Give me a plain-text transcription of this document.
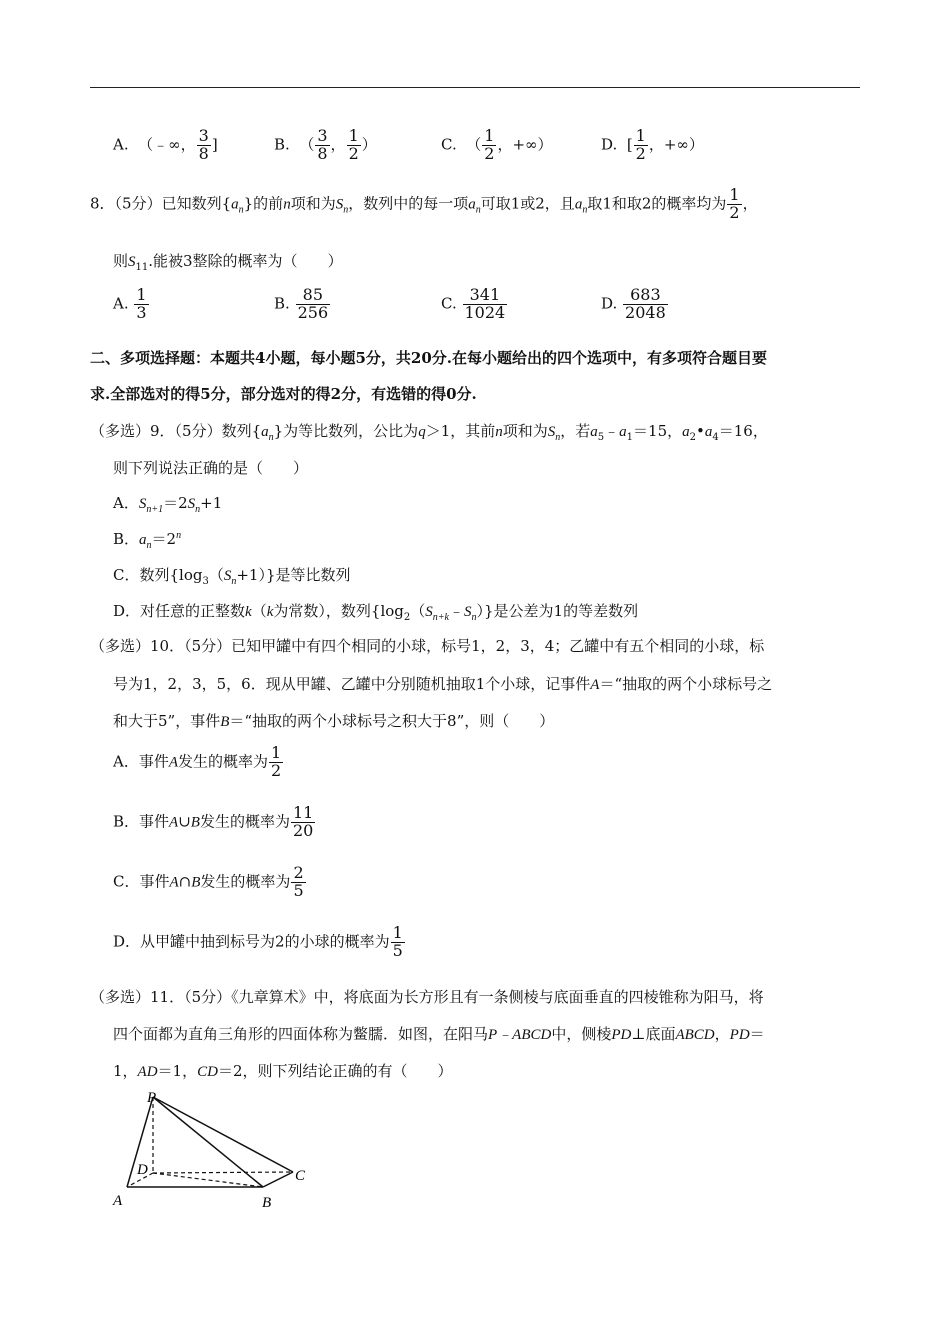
A. （﹣∞， $\frac{3}{8}$ ]	B. （ $\frac{3}{8}$ ， $\frac{1}{2}$ ）	C. （ $\frac{1}{2}$ ，+∞）	D. [ $\frac{1}{2}$ ，+∞）
8．（5分）已知数列$\{a_n\}$的前n项和为$S_n$，数列中的每一项$a_n$可取1或2，且$a_n$取1和取2的概率均为 $\frac{1}{2}$ ，
则$S_{11}$.能被3整除的概率为（　　）
A. $\frac{1}{3}$	B. $\frac{85}{256}$	C. $\frac{341}{1024}$	D. $\frac{683}{2048}$
二、多项选择题：本题共4小题，每小题5分，共20分.在每小题给出的四个选项中，有多项符合题目要
求.全部选对的得5分，部分选对的得2分，有选错的得0分.
（多选）9．（5分）数列$\{a_n\}$为等比数列，公比为q＞1，其前n项和为$S_n$，若$a_5﹣a_1=15$，$a_2•a_4=16$，
则下列说法正确的是（　　）
A．$S_{n+1}=2S_n+1$
B．$a_n=2^n$
C．数列$\{\log_3(S_n+1)\}$是等比数列
D．对任意的正整数k（k为常数），数列$\{\log_2(S_{n+k}﹣S_n)\}$是公差为1的等差数列
（多选）10．（5分）已知甲罐中有四个相同的小球，标号1，2，3，4；乙罐中有五个相同的小球，标
号为1，2，3，5，6．现从甲罐、乙罐中分别随机抽取1个小球，记事件A＝“抽取的两个小球标号之
和大于5”，事件B＝“抽取的两个小球标号之积大于8”，则（　　）
A．事件A发生的概率为 $\frac{1}{2}$
B．事件A∪B发生的概率为 $\frac{11}{20}$
C．事件A∩B发生的概率为 $\frac{2}{5}$
D．从甲罐中抽到标号为2的小球的概率为 $\frac{1}{5}$
（多选）11．（5分）《九章算术》中，将底面为长方形且有一条侧棱与底面垂直的四棱锥称为阳马，将
四个面都为直角三角形的四面体称为鳖臑．如图，在阳马P﹣ABCD中，侧棱PD⊥底面ABCD，PD＝
1，AD＝1，CD＝2，则下列结论正确的有（　　）
P
D
A	B
C
